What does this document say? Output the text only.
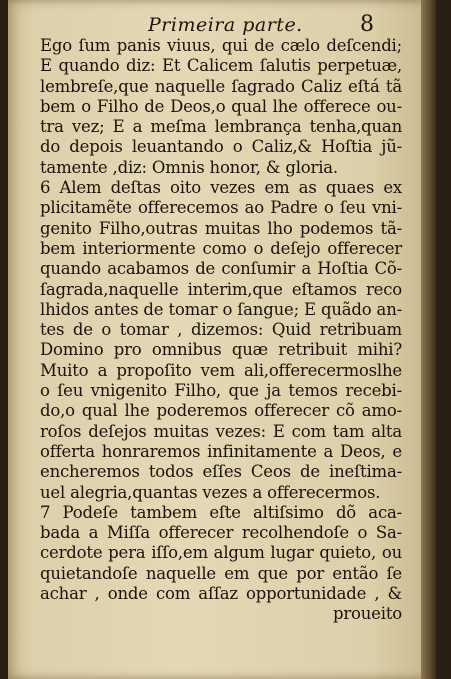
Primeira parte.	8
Ego ſum panis viuus, qui de cælo deſcendi;
E quando diz: Et Calicem ſalutis perpetuæ,
lembreſe,que naquelle ſagrado Caliz eſtá tã
bem o Filho de Deos,o qual lhe offerece ou-
tra vez; E a meſma lembrança tenha,quan
do depois leuantando o Caliz,& Hoſtia jũ-
tamente ,diz: Omnis honor, & gloria.
6 Alem deſtas oito vezes em as quaes ex
plicitamẽte offerecemos ao Padre o ſeu vni-
genito Filho,outras muitas lho podemos tã-
bem interiormente como o deſejo offerecer
quando acabamos de conſumir a Hoſtia Cõ-
ſagrada,naquelle interim,que eſtamos reco
lhidos antes de tomar o ſangue; E quãdo an-
tes de o tomar , dizemos: Quid retribuam
Domino pro omnibus quæ retribuit mihi?
Muito a propoſito vem ali,offerecermoslhe
o ſeu vnigenito Filho, que ja temos recebi-
do,o qual lhe poderemos offerecer cõ amo-
roſos deſejos muitas vezes: E com tam alta
offerta honraremos infinitamente a Deos, e
encheremos todos eſſes Ceos de ineſtima-
uel alegria,quantas vezes a offerecermos.
7 Podeſe tambem eſte altiſsimo dõ aca-
bada a Miſſa offerecer recolhendoſe o Sa-
cerdote pera iſſo,em algum lugar quieto, ou
quietandoſe naquelle em que por então ſe
achar , onde com aſſaz opportunidade , &
proueito
